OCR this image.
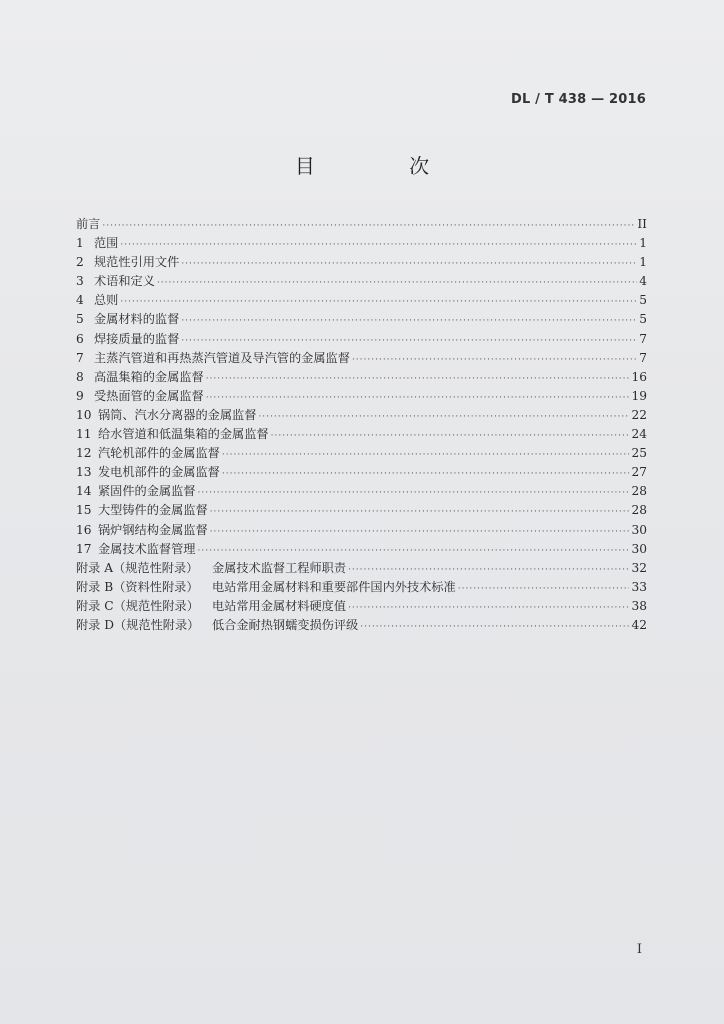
DL / T 438 — 2016
目 次
前言 ·····	II
1 范围 ·····	1
2 规范性引用文件 ·····	1
3 术语和定义 ·····	4
4 总则 ·····	5
5 金属材料的监督 ·····	5
6 焊接质量的监督 ·····	7
7 主蒸汽管道和再热蒸汽管道及导汽管的金属监督 ·····	7
8 高温集箱的金属监督 ·····	16
9 受热面管的金属监督 ·····	19
10 锅筒、汽水分离器的金属监督 ·····	22
11 给水管道和低温集箱的金属监督 ·····	24
12 汽轮机部件的金属监督 ·····	25
13 发电机部件的金属监督 ·····	27
14 紧固件的金属监督 ·····	28
15 大型铸件的金属监督 ·····	28
16 锅炉钢结构金属监督 ·····	30
17 金属技术监督管理 ·····	30
附录 A（规范性附录）	金属技术监督工程师职责 ·····	32
附录 B（资料性附录）	电站常用金属材料和重要部件国内外技术标准 ·····	33
附录 C（规范性附录）	电站常用金属材料硬度值 ·····	38
附录 D（规范性附录）	低合金耐热钢蠕变损伤评级 ·····	42
I
